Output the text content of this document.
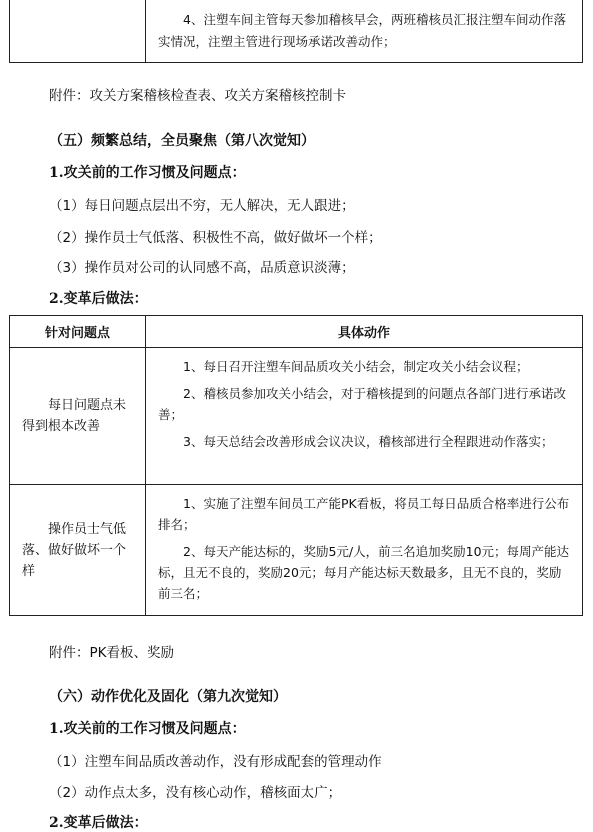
4、注塑车间主管每天参加稽核早会，两班稽核员汇报注塑车间动作落实情况，注塑主管进行现场承诺改善动作；
附件：攻关方案稽核检查表、攻关方案稽核控制卡
（五）频繁总结，全员聚焦（第八次觉知）
1.攻关前的工作习惯及问题点：
（1）每日问题点层出不穷，无人解决，无人跟进；
（2）操作员士气低落、积极性不高，做好做坏一个样；
（3）操作员对公司的认同感不高，品质意识淡薄；
2.变革后做法：
针对问题点	具体动作

每日问题点未得到根本改善	1、每日召开注塑车间品质攻关小结会，制定攻关小结会议程；

2、稽核员参加攻关小结会，对于稽核提到的问题点各部门进行承诺改善；

3、每天总结会改善形成会议决议，稽核部进行全程跟进动作落实；

操作员士气低落、做好做坏一个样	1、实施了注塑车间员工产能PK看板，将员工每日品质合格率进行公布排名；

2、每天产能达标的，奖励5元/人，前三名追加奖励10元；每周产能达标，且无不良的，奖励20元；每月产能达标天数最多，且无不良的，奖励前三名；

附件：PK看板、奖励
（六）动作优化及固化（第九次觉知）
1.攻关前的工作习惯及问题点：
（1）注塑车间品质改善动作，没有形成配套的管理动作
（2）动作点太多，没有核心动作，稽核面太广；
2.变革后做法：
